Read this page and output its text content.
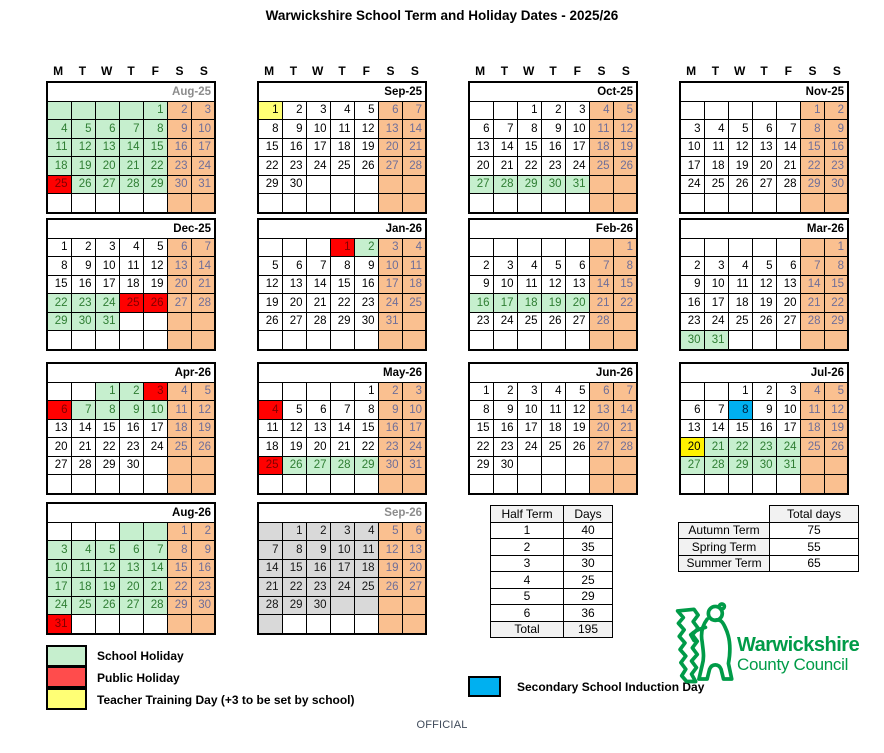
Warwickshire School Term and Holiday Dates - 2025/26
M	T	W	T	F	S	S
Aug-25						
				1	2	3
4	5	6	7	8	9	10
11	12	13	14	15	16	17
18	19	20	21	22	23	24
25	26	27	28	29	30	31

M	T	W	T	F	S	S
Sep-25						
1	2	3	4	5	6	7
8	9	10	11	12	13	14
15	16	17	18	19	20	21
22	23	24	25	26	27	28
29	30					

M	T	W	T	F	S	S
Oct-25						
		1	2	3	4	5
6	7	8	9	10	11	12
13	14	15	16	17	18	19
20	21	22	23	24	25	26
27	28	29	30	31		

M	T	W	T	F	S	S
Nov-25						
					1	2
3	4	5	6	7	8	9
10	11	12	13	14	15	16
17	18	19	20	21	22	23
24	25	26	27	28	29	30

Dec-25						
1	2	3	4	5	6	7
8	9	10	11	12	13	14
15	16	17	18	19	20	21
22	23	24	25	26	27	28
29	30	31				

Jan-26						
			1	2	3	4
5	6	7	8	9	10	11
12	13	14	15	16	17	18
19	20	21	22	23	24	25
26	27	28	29	30	31	

Feb-26						
						1
2	3	4	5	6	7	8
9	10	11	12	13	14	15
16	17	18	19	20	21	22
23	24	25	26	27	28	

Mar-26						
						1
2	3	4	5	6	7	8
9	10	11	12	13	14	15
16	17	18	19	20	21	22
23	24	25	26	27	28	29
30	31					
Apr-26						
		1	2	3	4	5
6	7	8	9	10	11	12
13	14	15	16	17	18	19
20	21	22	23	24	25	26
27	28	29	30			

May-26						
				1	2	3
4	5	6	7	8	9	10
11	12	13	14	15	16	17
18	19	20	21	22	23	24
25	26	27	28	29	30	31

Jun-26						
1	2	3	4	5	6	7
8	9	10	11	12	13	14
15	16	17	18	19	20	21
22	23	24	25	26	27	28
29	30					

Jul-26						
		1	2	3	4	5
6	7	8	9	10	11	12
13	14	15	16	17	18	19
20	21	22	23	24	25	26
27	28	29	30	31		

Aug-26						
					1	2
3	4	5	6	7	8	9
10	11	12	13	14	15	16
17	18	19	20	21	22	23
24	25	26	27	28	29	30
31						
Sep-26						
	1	2	3	4	5	6
7	8	9	10	11	12	13
14	15	16	17	18	19	20
21	22	23	24	25	26	27
28	29	30				

Half Term	Days
1	40
2	35
3	30
4	25
5	29
6	36
Total	195
	Total days
Autumn Term	75
Spring Term	55
Summer Term	65
School Holiday
Public Holiday
Teacher Training Day (+3 to be set by school)
Secondary School Induction Day
Warwickshire
County Council
OFFICIAL
